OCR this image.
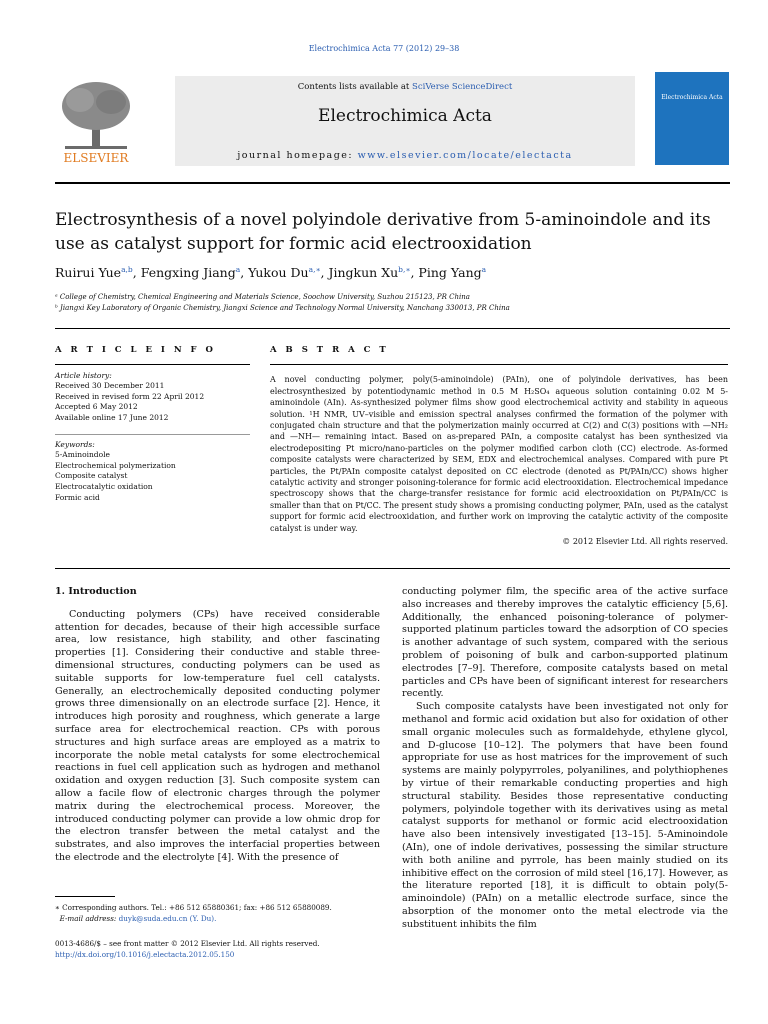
Electrochimica Acta 77 (2012) 29–38
ELSEVIER
Contents lists available at SciVerse ScienceDirect
Electrochimica Acta
journal homepage: www.elsevier.com/locate/electacta
Electrochimica Acta
Electrosynthesis of a novel polyindole derivative from 5-aminoindole and its use as catalyst support for formic acid electrooxidation
Ruirui Yue$^{a,b}$, Fengxing Jiang$^a$, Yukou $Du^{a,∗}$, Jingkun $Xu^{b,∗}$, Ping Yang$^a$
ᵃ College of Chemistry, Chemical Engineering and Materials Science, Soochow University, Suzhou 215123, PR China
ᵇ Jiangxi Key Laboratory of Organic Chemistry, Jiangxi Science and Technology Normal University, Nanchang 330013, PR China
A R T I C L E I N F O
Article history:
Received 30 December 2011
Received in revised form 22 April 2012
Accepted 6 May 2012
Available online 17 June 2012
Keywords:
5-Aminoindole
Electrochemical polymerization
Composite catalyst
Electrocatalytic oxidation
Formic acid
A B S T R A C T
A novel conducting polymer, poly(5-aminoindole) (PAIn), one of polyindole derivatives, has been electrosynthesized by potentiodynamic method in 0.5 M H₂SO₄ aqueous solution containing 0.02 M 5-aminoindole (AIn). As-synthesized polymer films show good electrochemical activity and stability in aqueous solution. ¹H NMR, UV–visible and emission spectral analyses confirmed the formation of the polymer with conjugated chain structure and that the polymerization mainly occurred at C(2) and C(3) positions with —NH₂ and —NH— remaining intact. Based on as-prepared PAIn, a composite catalyst has been synthesized via electrodepositing Pt micro/nano-particles on the polymer modified carbon cloth (CC) electrode. As-formed composite catalysts were characterized by SEM, EDX and electrochemical analyses. Compared with pure Pt particles, the Pt/PAIn composite catalyst deposited on CC electrode (denoted as Pt/PAIn/CC) shows higher catalytic activity and stronger poisoning-tolerance for formic acid electrooxidation. Electrochemical impedance spectroscopy shows that the charge-transfer resistance for formic acid electrooxidation on Pt/PAIn/CC is smaller than that on Pt/CC. The present study shows a promising conducting polymer, PAIn, used as the catalyst support for formic acid electrooxidation, and further work on improving the catalytic activity of the composite catalyst is under way.
© 2012 Elsevier Ltd. All rights reserved.
1. Introduction
Conducting polymers (CPs) have received considerable attention for decades, because of their high accessible surface area, low resistance, high stability, and other fascinating properties [1]. Considering their conductive and stable three-dimensional structures, conducting polymers can be used as suitable supports for low-temperature fuel cell catalysts. Generally, an electrochemically deposited conducting polymer grows three dimensionally on an electrode surface [2]. Hence, it introduces high porosity and roughness, which generate a large surface area for electrochemical reaction. CPs with porous structures and high surface areas are employed as a matrix to incorporate the noble metal catalysts for some electrochemical reactions in fuel cell application such as hydrogen and methanol oxidation and oxygen reduction [3]. Such composite system can allow a facile flow of electronic charges through the polymer matrix during the electrochemical process. Moreover, the introduced conducting polymer can provide a low ohmic drop for the electron transfer between the metal catalyst and the substrates, and also improves the interfacial properties between the electrode and the electrolyte [4]. With the presence of
conducting polymer film, the specific area of the active surface also increases and thereby improves the catalytic efficiency [5,6]. Additionally, the enhanced poisoning-tolerance of polymer-supported platinum particles toward the adsorption of CO species is another advantage of such system, compared with the serious problem of poisoning of bulk and carbon-supported platinum electrodes [7–9]. Therefore, composite catalysts based on metal particles and CPs have been of significant interest for researchers recently.
Such composite catalysts have been investigated not only for methanol and formic acid oxidation but also for oxidation of other small organic molecules such as formaldehyde, ethylene glycol, and D-glucose [10–12]. The polymers that have been found appropriate for use as host matrices for the improvement of such systems are mainly polypyrroles, polyanilines, and polythiophenes by virtue of their remarkable conducting properties and high structural stability. Besides those representative conducting polymers, polyindole together with its derivatives using as metal catalyst supports for methanol or formic acid electrooxidation have also been intensively investigated [13–15]. 5-Aminoindole (AIn), one of indole derivatives, possessing the similar structure with both aniline and pyrrole, has been mainly studied on its inhibitive effect on the corrosion of mild steel [16,17]. However, as the literature reported [18], it is difficult to obtain poly(5-aminoindole) (PAIn) on a metallic electrode surface, since the absorption of the monomer onto the metal electrode via the substituent inhibits the film
∗ Corresponding authors. Tel.: +86 512 65880361; fax: +86 512 65880089.
E-mail address: duyk@suda.edu.cn (Y. Du).
0013-4686/$ – see front matter © 2012 Elsevier Ltd. All rights reserved.
http://dx.doi.org/10.1016/j.electacta.2012.05.150
